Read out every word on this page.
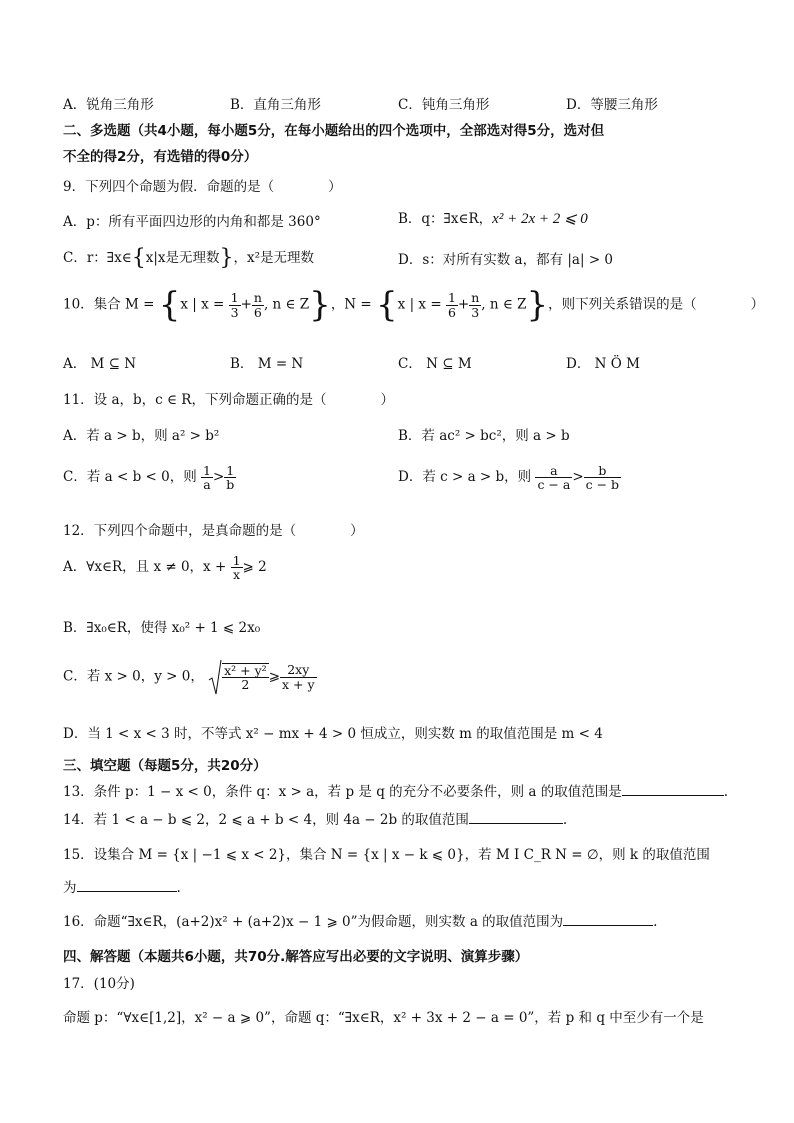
A．锐角三角形	B．直角三角形	C．钝角三角形	D．等腰三角形
二、多选题（共4小题，每小题5分，在每小题给出的四个选项中，全部选对得5分，选对但
不全的得2分，有选错的得0分）
9．下列四个命题为假．命题的是（　　　　）
A．p：所有平面四边形的内角和都是 360°	B．q：∃x∈R，x² + 2x + 2 ⩽ 0
C．r：∃x∈{x|x是无理数}，x²是无理数	D．s：对所有实数 a，都有 |a| > 0
10．集合 M = {x | $x = \frac{1}{3} + \frac{n}{6}$ , n ∈ Z}，N = {x | $x = \frac{1}{6} + \frac{n}{3}$ , n ∈ Z}，则下列关系错误的是（　　　　）
A． M ⊆ N	B． M = N	C． N ⊆ M	D． N Ö M
11．设 a，b，c ∈ R，下列命题正确的是（　　　　）
A．若 a > b，则 a² > b²	B．若 ac² > bc²，则 a > b
C．若 a < b < 0，则 $\frac{1}{a} > \frac{1}{b}$	D．若 c > a > b，则 $\frac{a}{c - a} > \frac{b}{c - b}$
12．下列四个命题中，是真命题的是（　　　　）
A．∀x∈R，且 x ≠ 0，$x + \frac{1}{x}$ ⩾ 2
B．∃x₀∈R，使得 x₀² + 1 ⩽ 2x₀
C．若 x > 0，y > 0， $\frac{\text{x² + y²}}{2}$ ⩾ $\frac{2xy}{x + y}$
D．当 1 < x < 3 时，不等式 x² − mx + 4 > 0 恒成立，则实数 m 的取值范围是 m < 4
三、填空题（每题5分，共20分）
13．条件 p：1 − x < 0，条件 q：x > a，若 p 是 q 的充分不必要条件，则 a 的取值范围是	.
14．若 1 < a − b ⩽ 2，2 ⩽ a + b < 4，则 4a − 2b 的取值范围	.
15．设集合 M = {x | −1 ⩽ x < 2}，集合 N = {x | x − k ⩽ 0}，若 M I C_R N = ∅，则 k 的取值范围
为	.
16．命题“∃x∈R，(a+2)x² + (a+2)x − 1 ⩾ 0”为假命题，则实数 a 的取值范围为	.
四、解答题（本题共6小题，共70分.解答应写出必要的文字说明、演算步骤）
17．(10分)
命题 p：“∀x∈[1,2]，x² − a ⩾ 0”，命题 q：“∃x∈R，x² + 3x + 2 − a = 0”，若 p 和 q 中至少有一个是
